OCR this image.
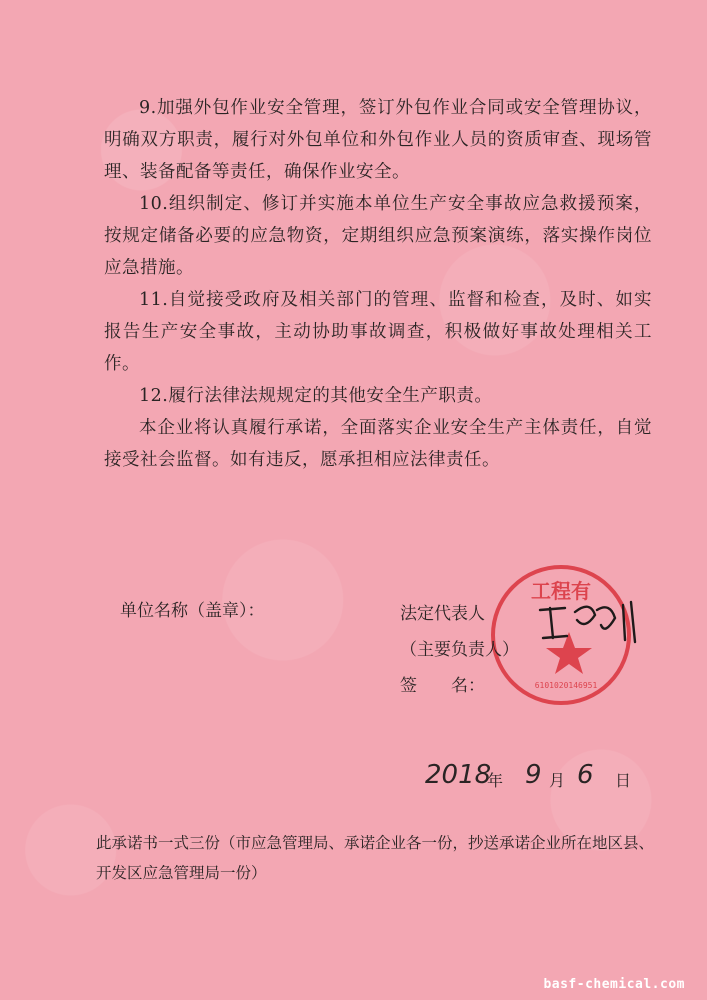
9.加强外包作业安全管理，签订外包作业合同或安全管理协议，明确双方职责，履行对外包单位和外包作业人员的资质审查、现场管理、装备配备等责任，确保作业安全。

10.组织制定、修订并实施本单位生产安全事故应急救援预案，按规定储备必要的应急物资，定期组织应急预案演练，落实操作岗位应急措施。

11.自觉接受政府及相关部门的管理、监督和检查，及时、如实报告生产安全事故，主动协助事故调查，积极做好事故处理相关工作。

12.履行法律法规规定的其他安全生产职责。

本企业将认真履行承诺，全面落实企业安全生产主体责任，自觉接受社会监督。如有违反，愿承担相应法律责任。

单位名称（盖章）：
工程有
6101020146951
法定代表人
（主要负责人）
签　　名：
2018
年 9 月 6 日
此承诺书一式三份（市应急管理局、承诺企业各一份，抄送承诺企业所在地区县、开发区应急管理局一份）
basf-chemical.com
